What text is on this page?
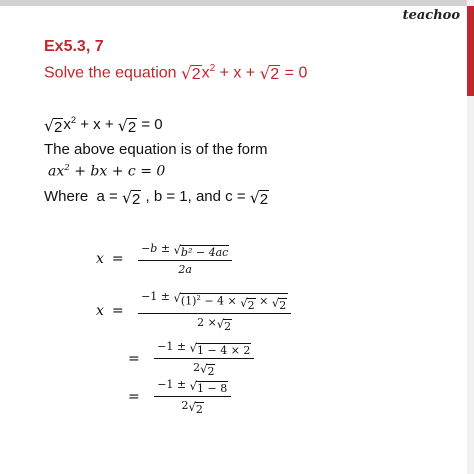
teachoo
Ex5.3, 7
Solve the equation √ 2 $x^2 + x$ + √ 2 = 0
√ 2 $x^2 + x$ + √ 2 = 0
The above equation is of the form
$ax^2$ + bx + c = 0
Where  a = √ 2 , b = 1, and c = √ 2
$x = \frac{\text{−b ± √ b² − 4ac}}{2a}$
$x = \frac{-1 \pm √ (1)^2 - 4 \times √ 2 \times √ 2}{2 \times √ 2}$
= $\frac{-1 \pm √ 1 - 4 \times 2}{2 √ 2}$
= $\frac{-1 \pm √ 1 - 8}{2 √ 2}$
